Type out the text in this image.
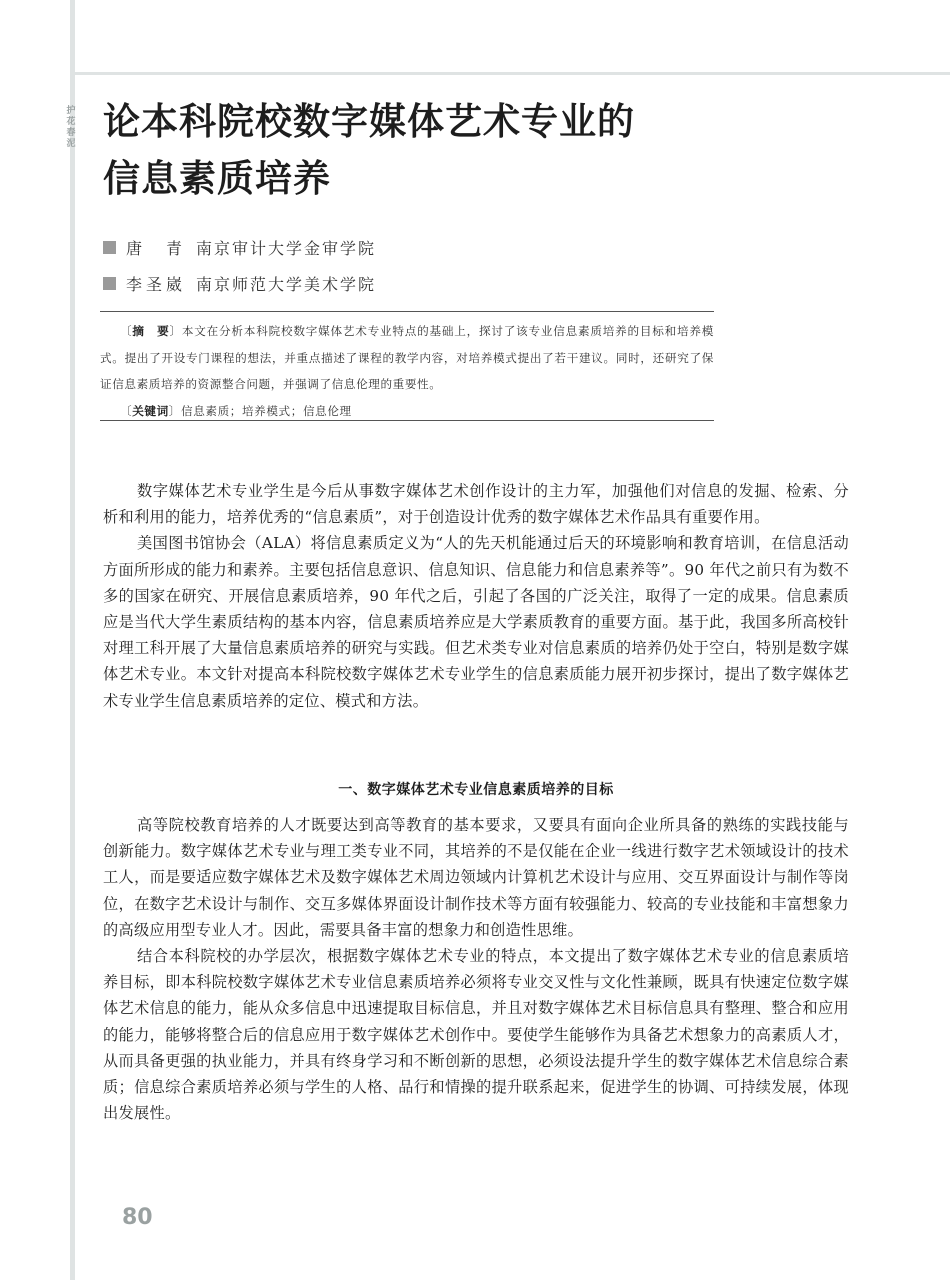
护花春泥
论本科院校数字媒体艺术专业的
信息素质培养
唐　青 南京审计大学金审学院
李圣崴 南京师范大学美术学院

〔摘　要〕本文在分析本科院校数字媒体艺术专业特点的基础上，探讨了该专业信息素质培养的目标和培养模式。提出了开设专门课程的想法，并重点描述了课程的教学内容，对培养模式提出了若干建议。同时，还研究了保证信息素质培养的资源整合问题，并强调了信息伦理的重要性。

〔关键词〕信息素质；培养模式；信息伦理

数字媒体艺术专业学生是今后从事数字媒体艺术创作设计的主力军，加强他们对信息的发掘、检索、分析和利用的能力，培养优秀的“信息素质”，对于创造设计优秀的数字媒体艺术作品具有重要作用。

美国图书馆协会（ALA）将信息素质定义为“人的先天机能通过后天的环境影响和教育培训，在信息活动方面所形成的能力和素养。主要包括信息意识、信息知识、信息能力和信息素养等”。90 年代之前只有为数不多的国家在研究、开展信息素质培养，90 年代之后，引起了各国的广泛关注，取得了一定的成果。信息素质应是当代大学生素质结构的基本内容，信息素质培养应是大学素质教育的重要方面。基于此，我国多所高校针对理工科开展了大量信息素质培养的研究与实践。但艺术类专业对信息素质的培养仍处于空白，特别是数字媒体艺术专业。本文针对提高本科院校数字媒体艺术专业学生的信息素质能力展开初步探讨，提出了数字媒体艺术专业学生信息素质培养的定位、模式和方法。

一、数字媒体艺术专业信息素质培养的目标

高等院校教育培养的人才既要达到高等教育的基本要求，又要具有面向企业所具备的熟练的实践技能与创新能力。数字媒体艺术专业与理工类专业不同，其培养的不是仅能在企业一线进行数字艺术领域设计的技术工人，而是要适应数字媒体艺术及数字媒体艺术周边领域内计算机艺术设计与应用、交互界面设计与制作等岗位，在数字艺术设计与制作、交互多媒体界面设计制作技术等方面有较强能力、较高的专业技能和丰富想象力的高级应用型专业人才。因此，需要具备丰富的想象力和创造性思维。

结合本科院校的办学层次，根据数字媒体艺术专业的特点，本文提出了数字媒体艺术专业的信息素质培养目标，即本科院校数字媒体艺术专业信息素质培养必须将专业交叉性与文化性兼顾，既具有快速定位数字媒体艺术信息的能力，能从众多信息中迅速提取目标信息，并且对数字媒体艺术目标信息具有整理、整合和应用的能力，能够将整合后的信息应用于数字媒体艺术创作中。要使学生能够作为具备艺术想象力的高素质人才，从而具备更强的执业能力，并具有终身学习和不断创新的思想，必须设法提升学生的数字媒体艺术信息综合素质；信息综合素质培养必须与学生的人格、品行和情操的提升联系起来，促进学生的协调、可持续发展，体现出发展性。

80
